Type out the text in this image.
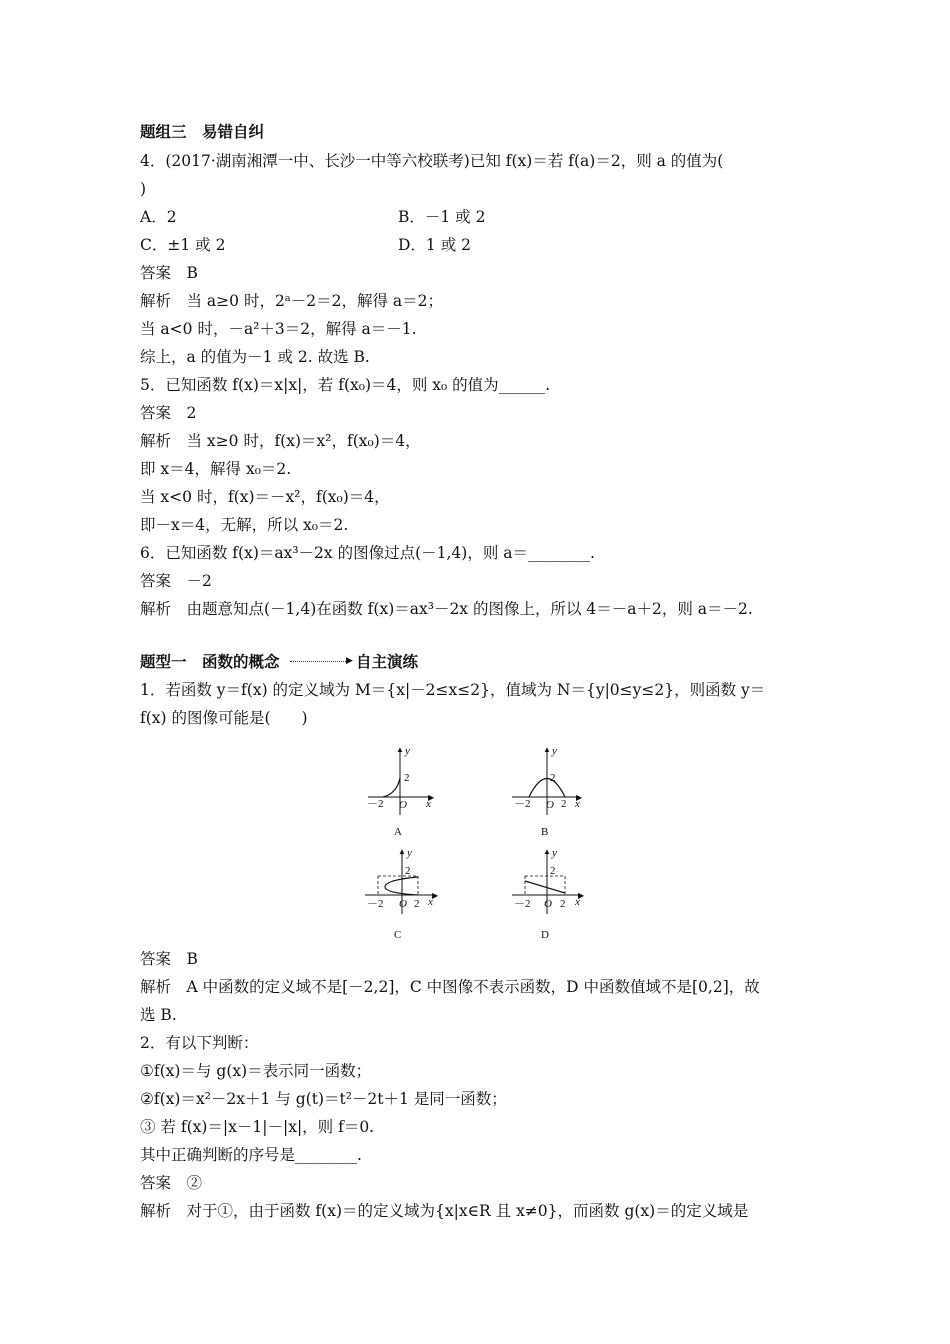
题组三　易错自纠
4．(2017·湖南湘潭一中、长沙一中等六校联考)已知 f(x)＝若 f(a)＝2，则 a 的值为(
)
A．2	B．－1 或 2
C．±1 或 2	D．1 或 2
答案　B
解析　当 a≥0 时，2ᵃ－2＝2，解得 a＝2；
当 a<0 时，－a²＋3＝2，解得 a＝－1.
综上，a 的值为－1 或 2. 故选 B.
5．已知函数 f(x)＝x|x|，若 f(x₀)＝4，则 x₀ 的值为______.
答案　2
解析　当 x≥0 时，f(x)＝x²，f(x₀)＝4，
即 x＝4，解得 x₀＝2.
当 x<0 时，f(x)＝－x²，f(x₀)＝4，
即－x＝4，无解，所以 x₀＝2.
6．已知函数 f(x)＝ax³－2x 的图像过点(－1,4)，则 a＝________.
答案　－2
解析　由题意知点(－1,4)在函数 f(x)＝ax³－2x 的图像上，所以 4＝－a＋2，则 a＝－2.
题型一　函数的概念	▶ 自主演练
1．若函数 y＝f(x) 的定义域为 M＝{x|－2≤x≤2}，值域为 N＝{y|0≤y≤2}，则函数 y＝
f(x) 的图像可能是(　　)
▲
▶
y
2
－2 O x
A
▲
▶
y
2
－2 O 2 x
B
▲
▶
y
2
－2 O 2 x
C
▲
▶
y
2
－2 O 2 x
D
答案　B
解析　A 中函数的定义域不是[－2,2]，C 中图像不表示函数，D 中函数值域不是[0,2]，故
选 B.
2．有以下判断：
①f(x)＝与 g(x)＝表示同一函数；
②f(x)＝x²－2x＋1 与 g(t)＝t²－2t＋1 是同一函数；
③ 若 f(x)＝|x－1|－|x|，则 f＝0.
其中正确判断的序号是________.
答案　②
解析　对于①，由于函数 f(x)＝的定义域为{x|x∈R 且 x≠0}，而函数 g(x)＝的定义域是
